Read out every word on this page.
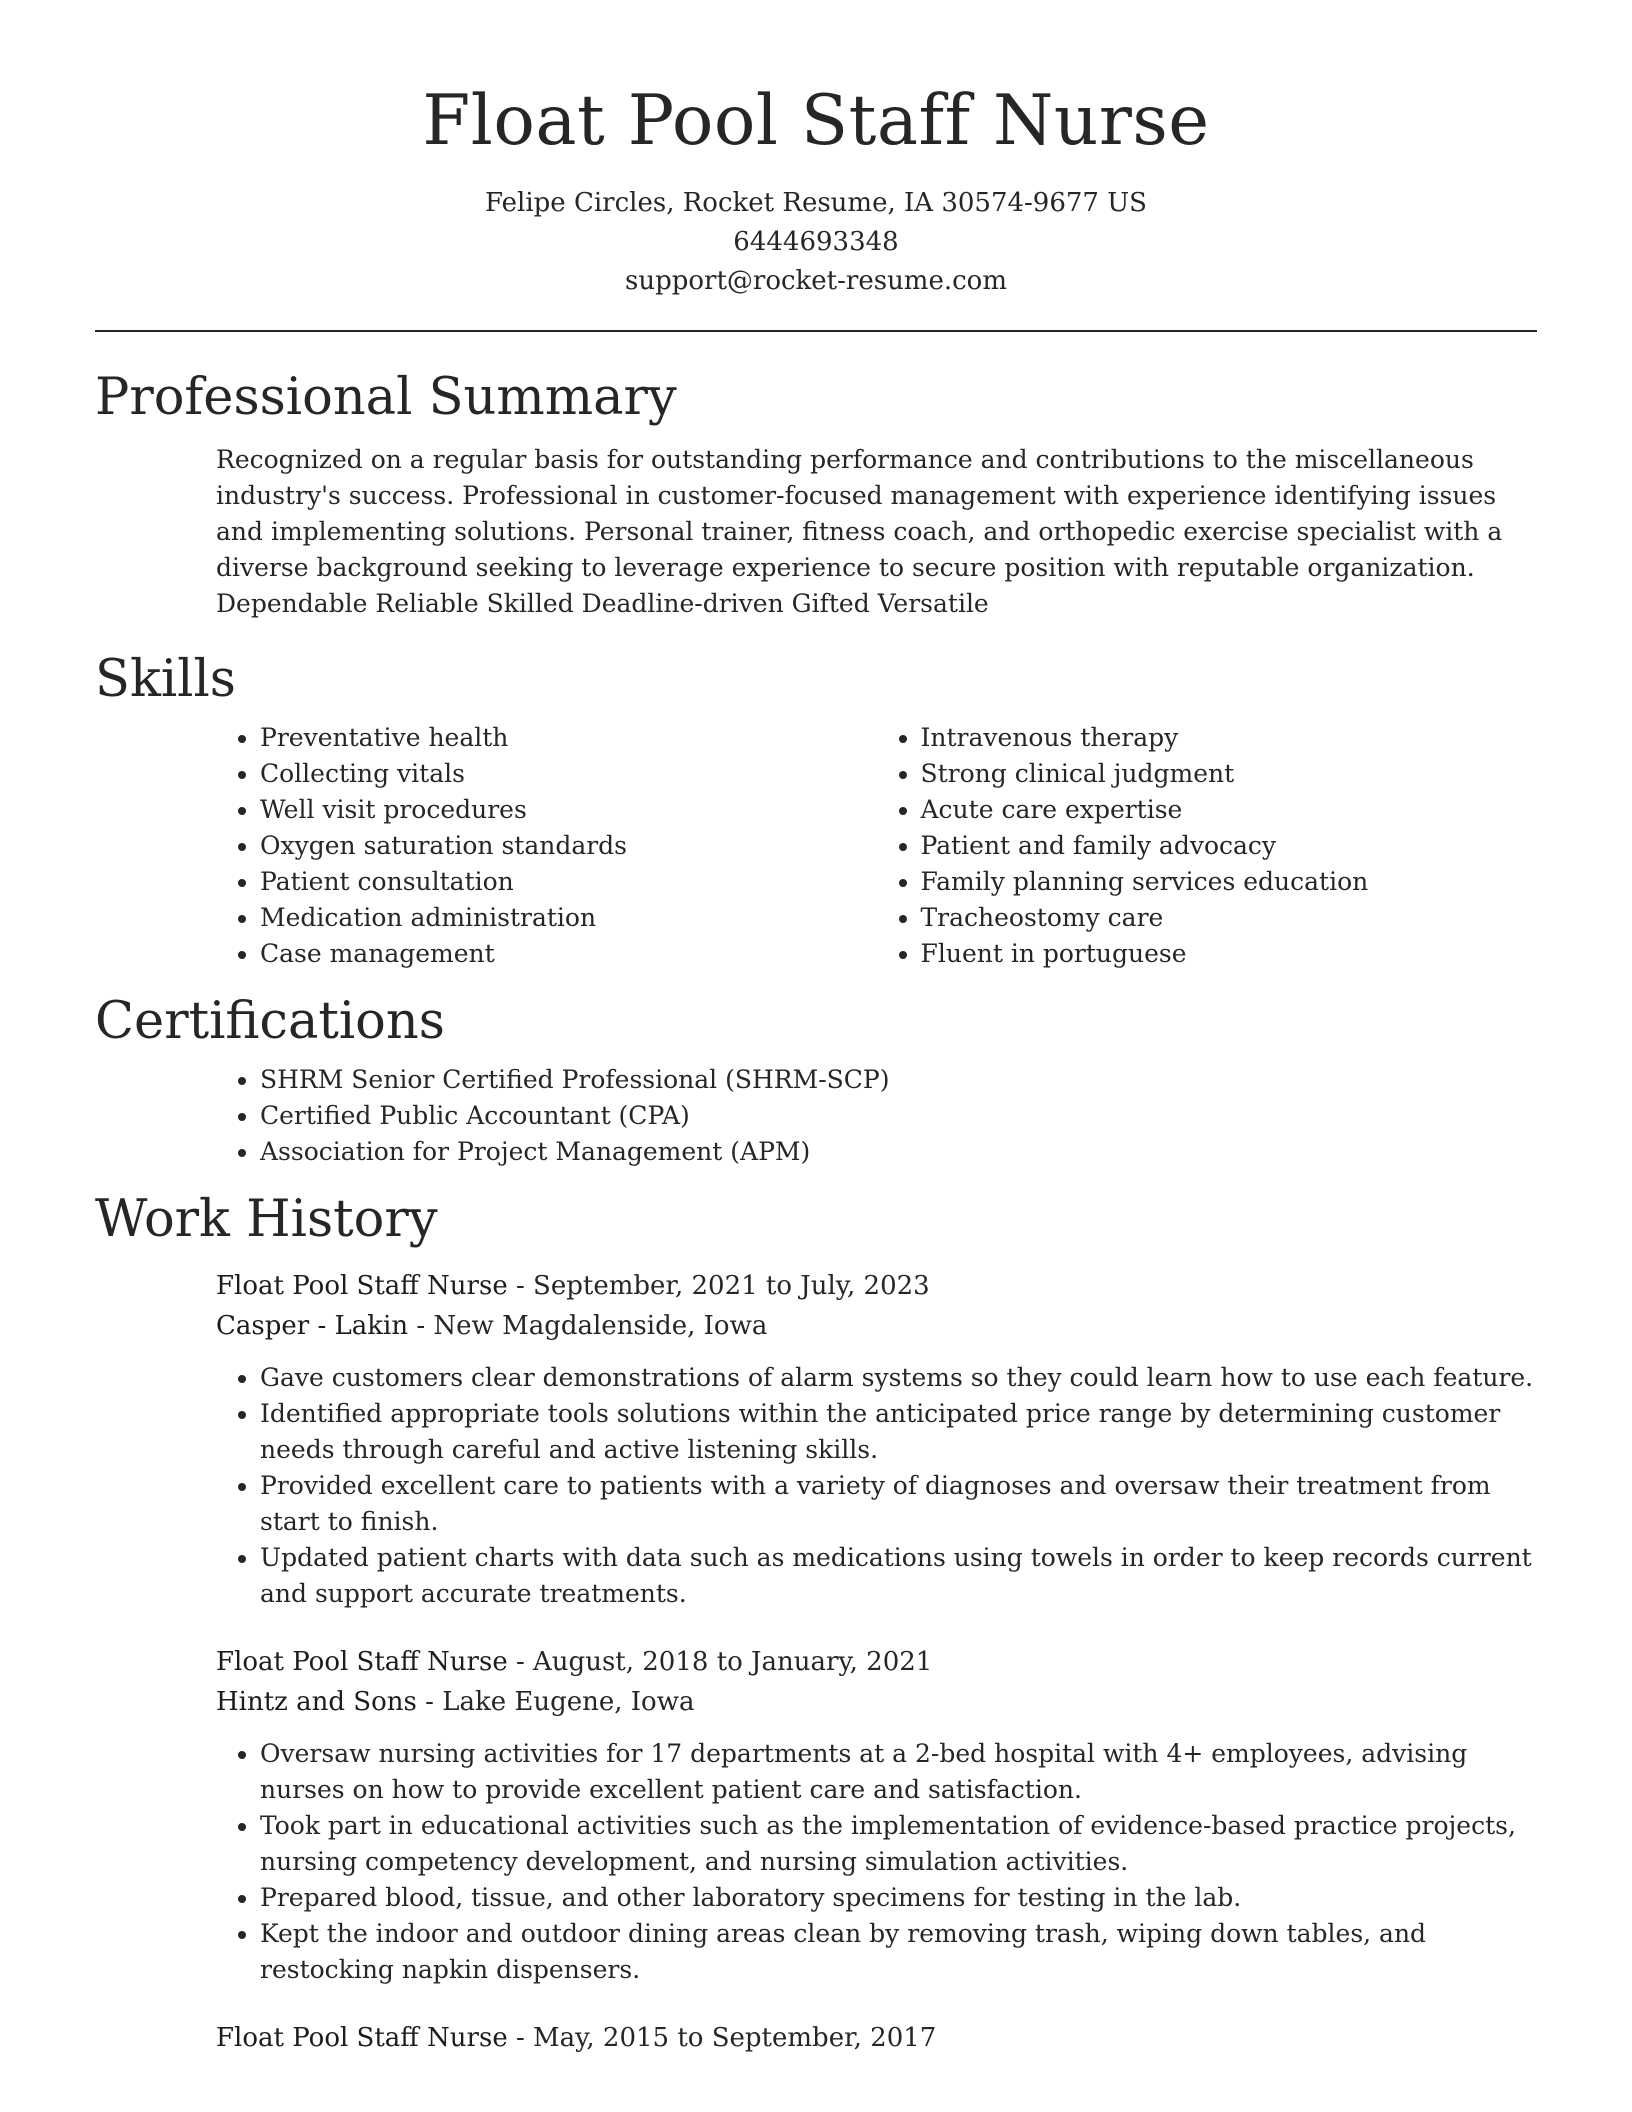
Float Pool Staff Nurse
Felipe Circles, Rocket Resume, IA 30574-9677 US
6444693348
support@rocket-resume.com
Professional Summary

Recognized on a regular basis for outstanding performance and contributions to the miscellaneous industry's success. Professional in customer-focused management with experience identifying issues and implementing solutions. Personal trainer, fitness coach, and orthopedic exercise specialist with a diverse background seeking to leverage experience to secure position with reputable organization. Dependable Reliable Skilled Deadline-driven Gifted Versatile

Skills
• Preventative health
• Collecting vitals
• Well visit procedures
• Oxygen saturation standards
• Patient consultation
• Medication administration
• Case management
• Intravenous therapy
• Strong clinical judgment
• Acute care expertise
• Patient and family advocacy
• Family planning services education
• Tracheostomy care
• Fluent in portuguese
Certifications
• SHRM Senior Certified Professional (SHRM-SCP)
• Certified Public Accountant (CPA)
• Association for Project Management (APM)
Work History
Float Pool Staff Nurse - September, 2021 to July, 2023
Casper - Lakin - New Magdalenside, Iowa
• Gave customers clear demonstrations of alarm systems so they could learn how to use each feature.
• Identified appropriate tools solutions within the anticipated price range by determining customer needs through careful and active listening skills.
• Provided excellent care to patients with a variety of diagnoses and oversaw their treatment from start to finish.
• Updated patient charts with data such as medications using towels in order to keep records current and support accurate treatments.
Float Pool Staff Nurse - August, 2018 to January, 2021
Hintz and Sons - Lake Eugene, Iowa
• Oversaw nursing activities for 17 departments at a 2-bed hospital with 4+ employees, advising nurses on how to provide excellent patient care and satisfaction.
• Took part in educational activities such as the implementation of evidence-based practice projects, nursing competency development, and nursing simulation activities.
• Prepared blood, tissue, and other laboratory specimens for testing in the lab.
• Kept the indoor and outdoor dining areas clean by removing trash, wiping down tables, and restocking napkin dispensers.
Float Pool Staff Nurse - May, 2015 to September, 2017
